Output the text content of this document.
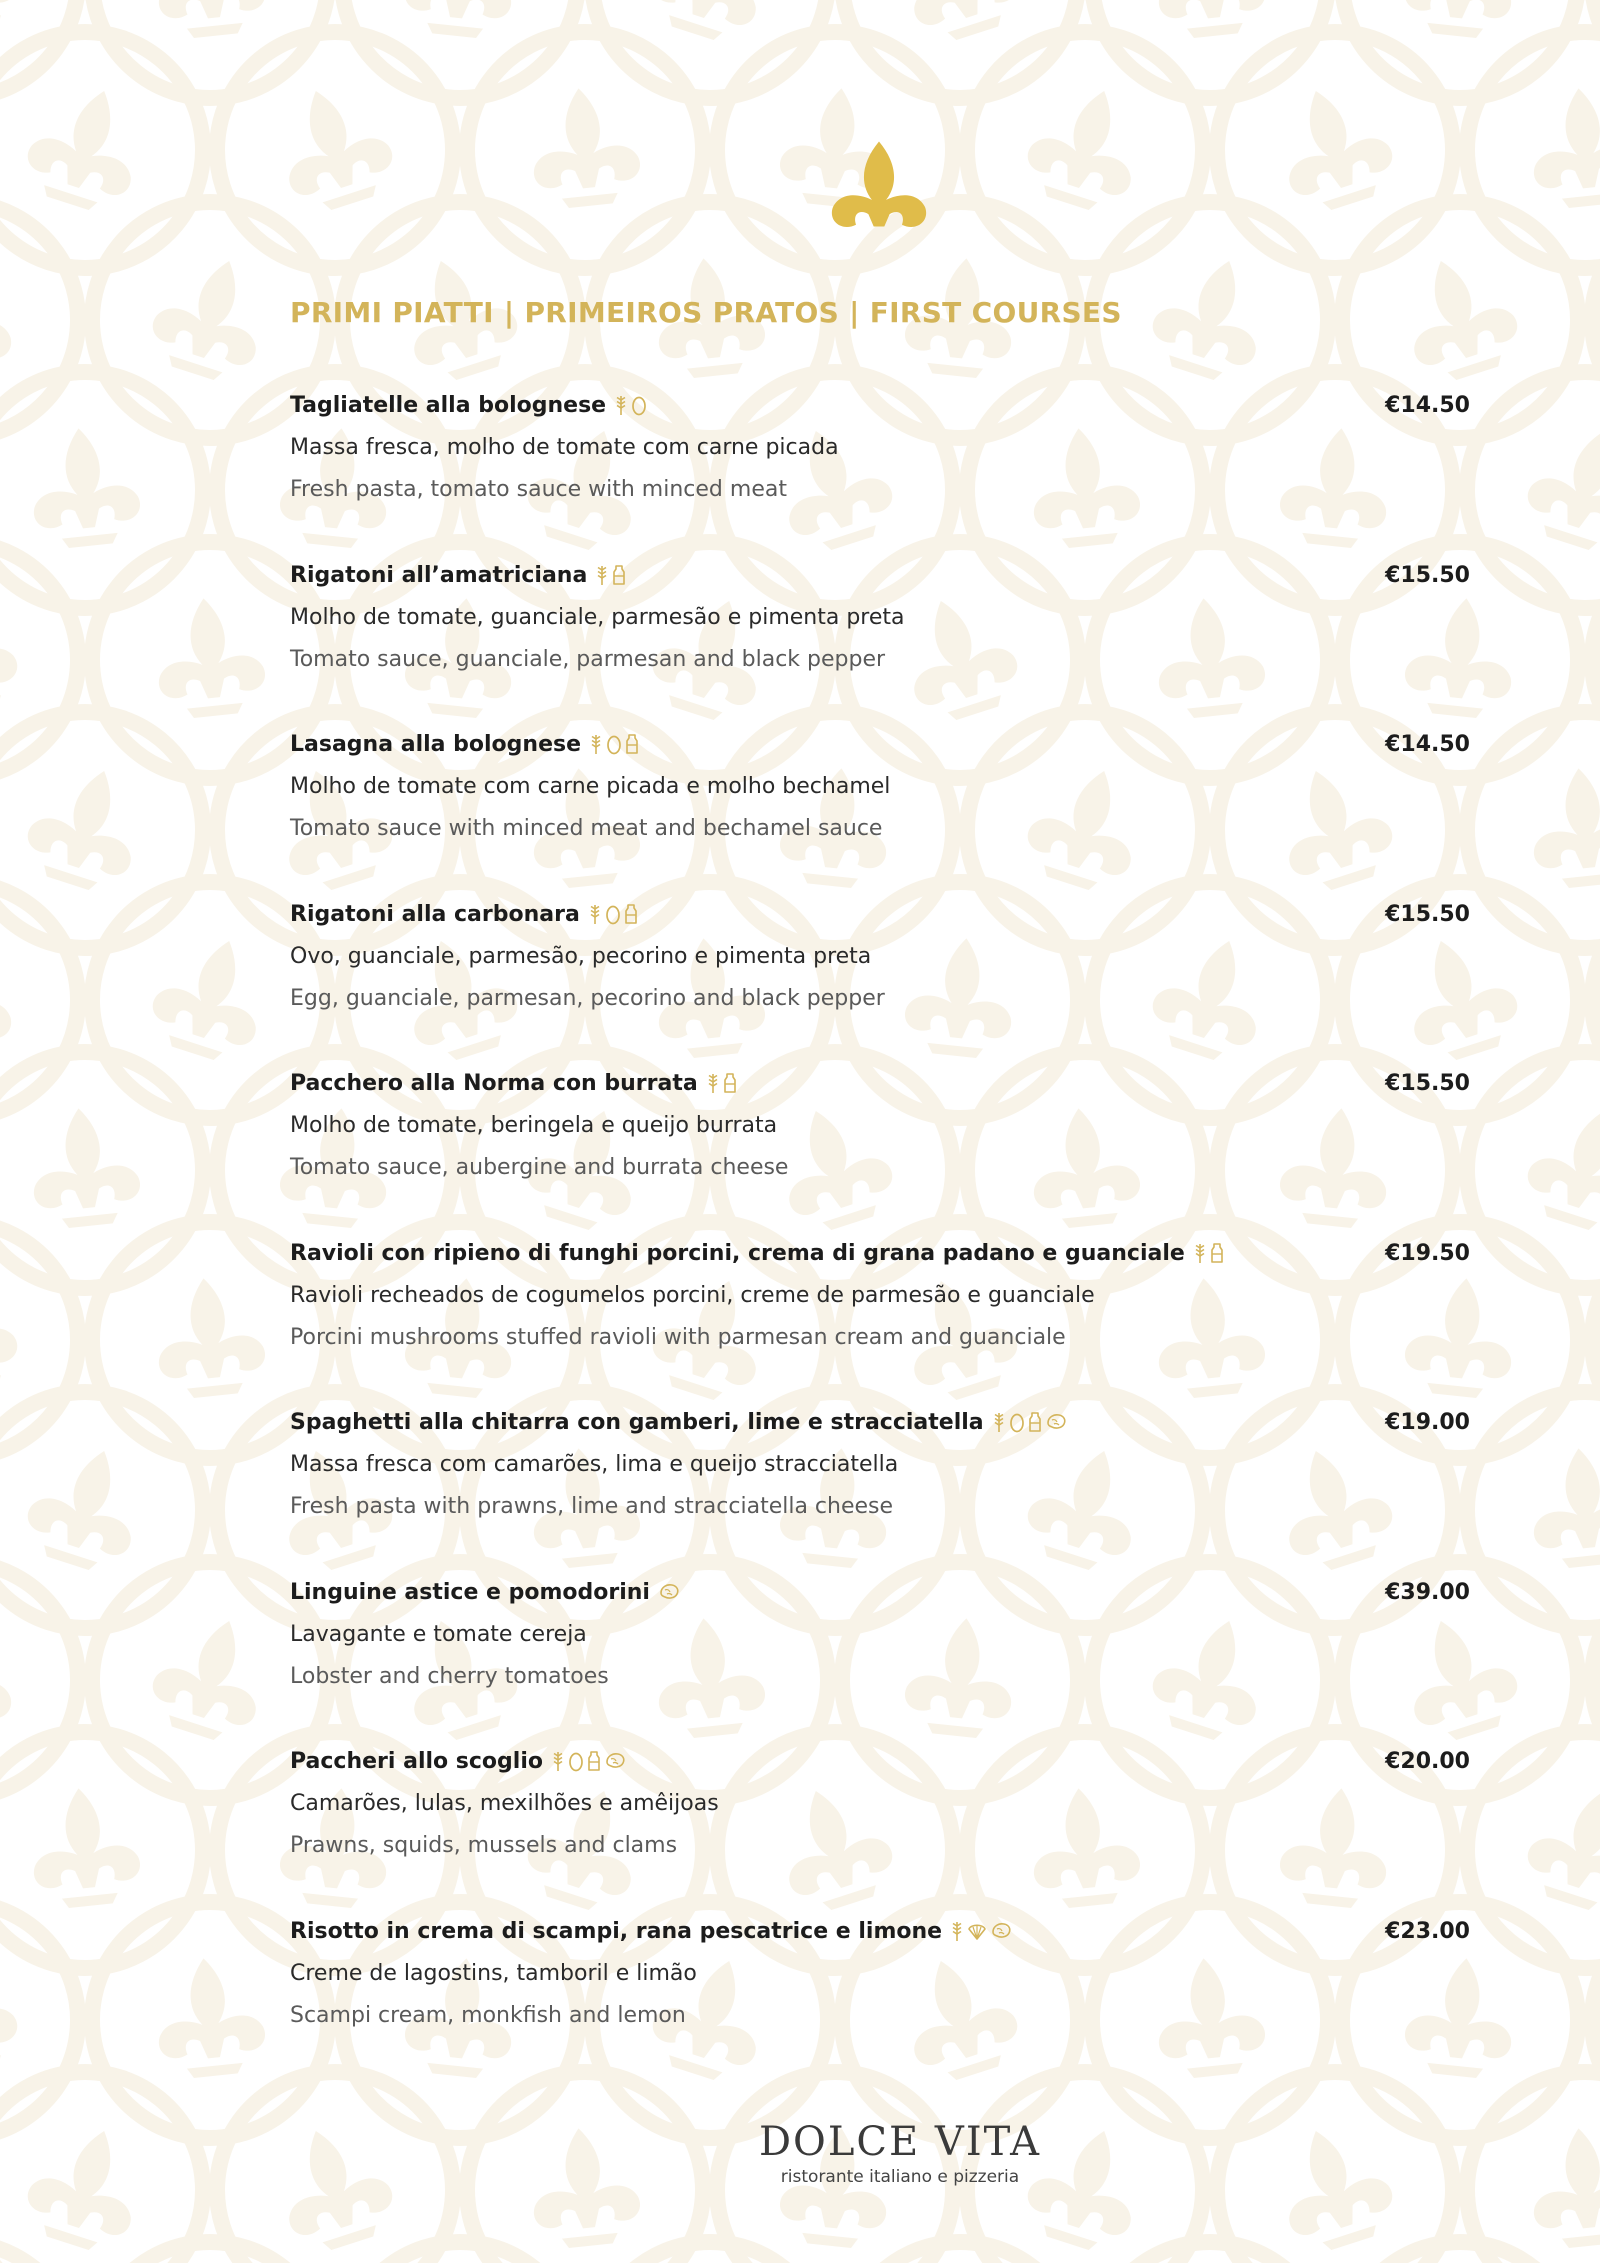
PRIMI PIATTI | PRIMEIROS PRATOS | FIRST COURSES
Tagliatelle alla bolognese	€14.50
Massa fresca, molho de tomate com carne picada
Fresh pasta, tomato sauce with minced meat
Rigatoni all’amatriciana	€15.50
Molho de tomate, guanciale, parmesão e pimenta preta
Tomato sauce, guanciale, parmesan and black pepper
Lasagna alla bolognese	€14.50
Molho de tomate com carne picada e molho bechamel
Tomato sauce with minced meat and bechamel sauce
Rigatoni alla carbonara	€15.50
Ovo, guanciale, parmesão, pecorino e pimenta preta
Egg, guanciale, parmesan, pecorino and black pepper
Pacchero alla Norma con burrata	€15.50
Molho de tomate, beringela e queijo burrata
Tomato sauce, aubergine and burrata cheese
Ravioli con ripieno di funghi porcini, crema di grana padano e guanciale	€19.50
Ravioli recheados de cogumelos porcini, creme de parmesão e guanciale
Porcini mushrooms stuffed ravioli with parmesan cream and guanciale
Spaghetti alla chitarra con gamberi, lime e stracciatella	€19.00
Massa fresca com camarões, lima e queijo stracciatella
Fresh pasta with prawns, lime and stracciatella cheese
Linguine astice e pomodorini	€39.00
Lavagante e tomate cereja
Lobster and cherry tomatoes
Paccheri allo scoglio	€20.00
Camarões, lulas, mexilhões e amêijoas
Prawns, squids, mussels and clams
Risotto in crema di scampi, rana pescatrice e limone	€23.00
Creme de lagostins, tamboril e limão
Scampi cream, monkfish and lemon
DOLCE VITA
ristorante italiano e pizzeria
